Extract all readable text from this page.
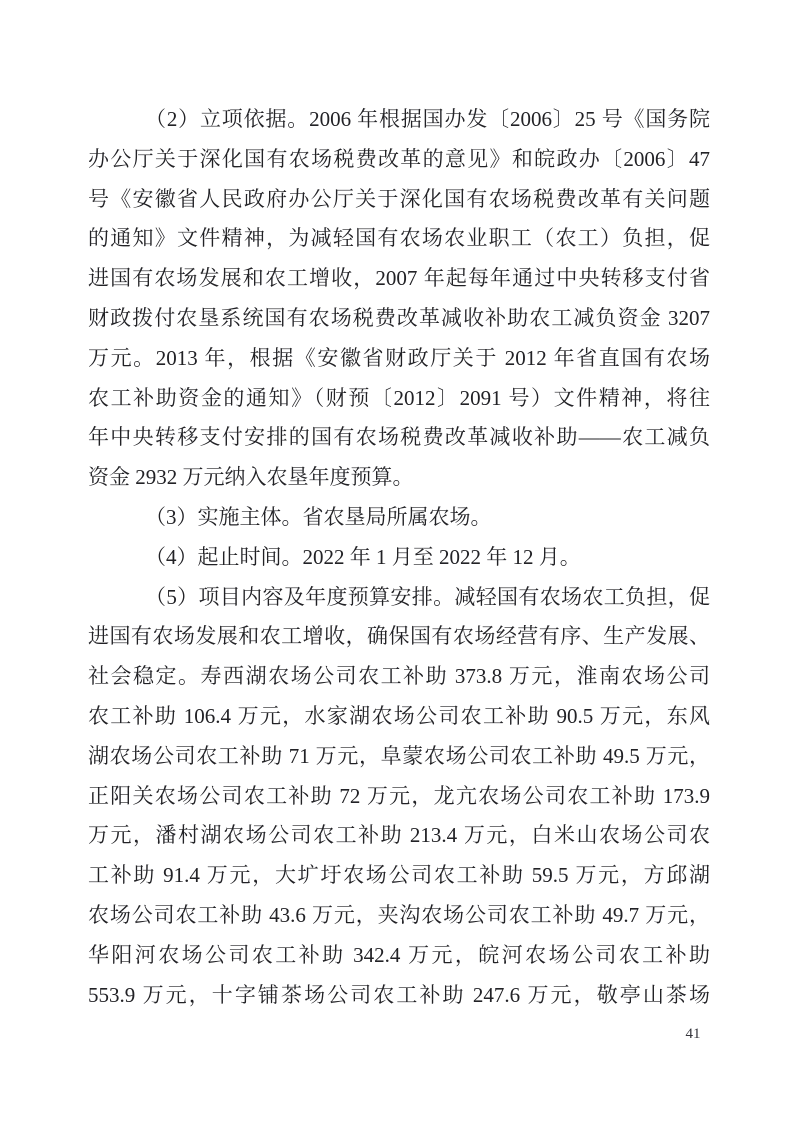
（2）立项依据。2006 年根据国办发〔2006〕25 号《国务院
办公厅关于深化国有农场税费改革的意见》和皖政办〔2006〕47
号《安徽省人民政府办公厅关于深化国有农场税费改革有关问题
的通知》文件精神，为减轻国有农场农业职工（农工）负担，促
进国有农场发展和农工增收，2007 年起每年通过中央转移支付省
财政拨付农垦系统国有农场税费改革减收补助农工减负资金 3207
万元。2013 年，根据《安徽省财政厅关于 2012 年省直国有农场
农工补助资金的通知》（财预〔2012〕2091 号）文件精神，将往
年中央转移支付安排的国有农场税费改革减收补助——农工减负
资金 2932 万元纳入农垦年度预算。
（3）实施主体。省农垦局所属农场。
（4）起止时间。2022 年 1 月至 2022 年 12 月。
（5）项目内容及年度预算安排。减轻国有农场农工负担，促
进国有农场发展和农工增收，确保国有农场经营有序、生产发展、
社会稳定。寿西湖农场公司农工补助 373.8 万元，淮南农场公司
农工补助 106.4 万元，水家湖农场公司农工补助 90.5 万元，东风
湖农场公司农工补助 71 万元，阜蒙农场公司农工补助 49.5 万元，
正阳关农场公司农工补助 72 万元，龙亢农场公司农工补助 173.9
万元，潘村湖农场公司农工补助 213.4 万元，白米山农场公司农
工补助 91.4 万元，大圹圩农场公司农工补助 59.5 万元，方邱湖
农场公司农工补助 43.6 万元，夹沟农场公司农工补助 49.7 万元，
华阳河农场公司农工补助 342.4 万元，皖河农场公司农工补助
553.9 万元，十字铺茶场公司农工补助 247.6 万元，敬亭山茶场
41
